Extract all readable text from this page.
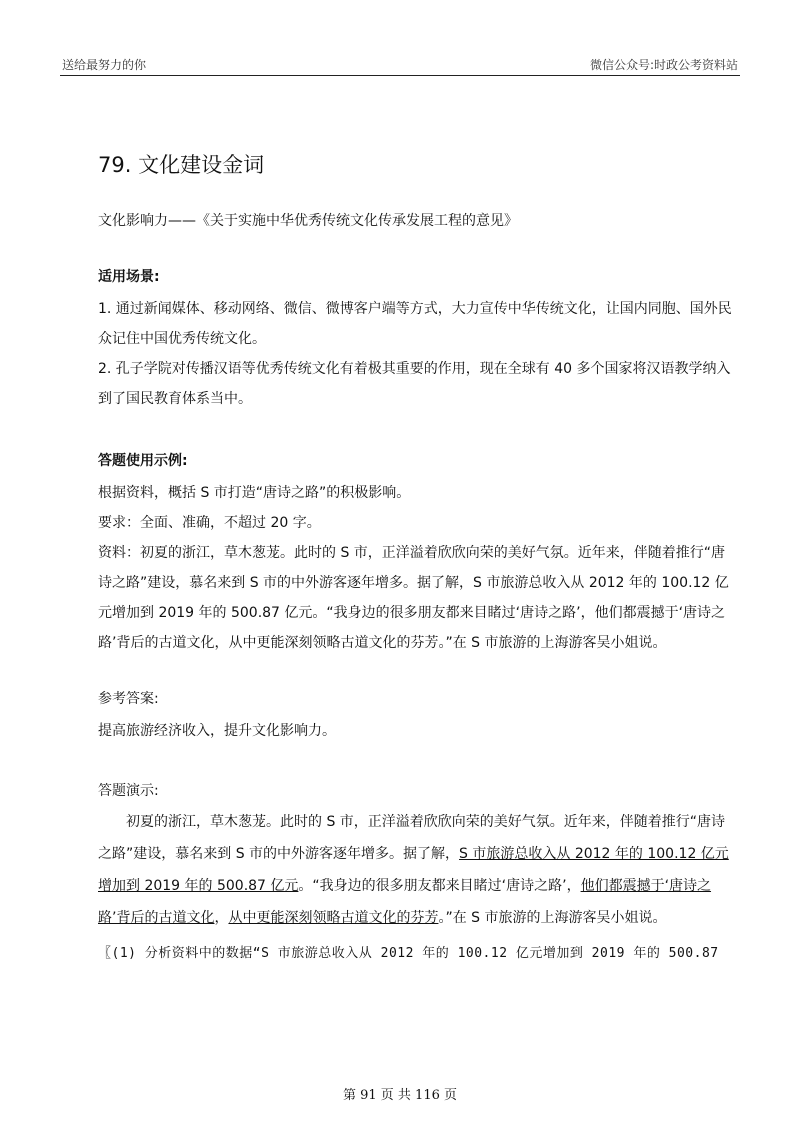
送给最努力的你	微信公众号:时政公考资料站
79. 文化建设金词
文化影响力——《关于实施中华优秀传统文化传承发展工程的意见》
适用场景:

1. 通过新闻媒体、移动网络、微信、微博客户端等方式，大力宣传中华传统文化，让国内同胞、国外民众记住中国优秀传统文化。

2. 孔子学院对传播汉语等优秀传统文化有着极其重要的作用，现在全球有 40 多个国家将汉语教学纳入到了国民教育体系当中。

答题使用示例:

根据资料，概括 S 市打造“唐诗之路”的积极影响。

要求：全面、准确，不超过 20 字。

资料：初夏的浙江，草木葱茏。此时的 S 市，正洋溢着欣欣向荣的美好气氛。近年来，伴随着推行“唐诗之路”建设，慕名来到 S 市的中外游客逐年增多。据了解，S 市旅游总收入从 2012 年的 100.12 亿元增加到 2019 年的 500.87 亿元。“我身边的很多朋友都来目睹过‘唐诗之路’，他们都震撼于‘唐诗之路’背后的古道文化，从中更能深刻领略古道文化的芬芳。”在 S 市旅游的上海游客吴小姐说。

参考答案:

提高旅游经济收入，提升文化影响力。

答题演示:

初夏的浙江，草木葱茏。此时的 S 市，正洋溢着欣欣向荣的美好气氛。近年来，伴随着推行“唐诗之路”建设，慕名来到 S 市的中外游客逐年增多。据了解，S 市旅游总收入从 2012 年的 100.12 亿元增加到 2019 年的 500.87 亿元。“我身边的很多朋友都来目睹过‘唐诗之路’，他们都震撼于‘唐诗之路’背后的古道文化，从中更能深刻领略古道文化的芬芳。”在 S 市旅游的上海游客吴小姐说。

〖(1) 分析资料中的数据“S 市旅游总收入从 2012 年的 100.12 亿元增加到 2019 年的 500.87
第 91 页 共 116 页
